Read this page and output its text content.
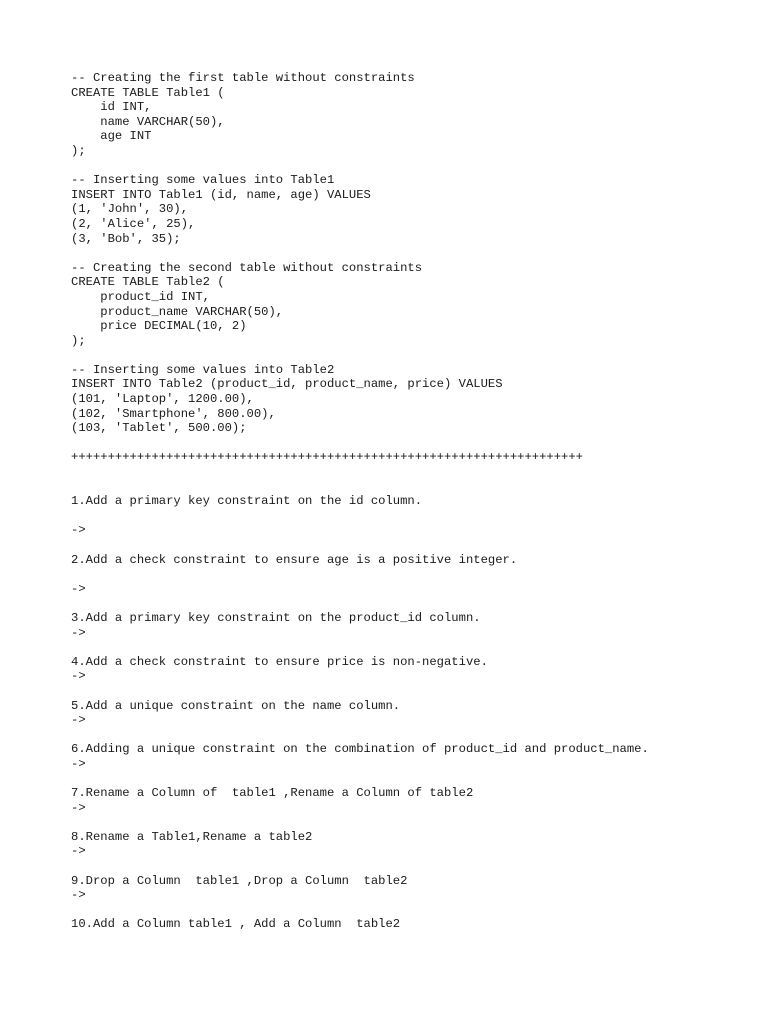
-- Creating the first table without constraints
CREATE TABLE Table1 (
id INT,
name VARCHAR(50),
age INT
);
-- Inserting some values into Table1
INSERT INTO Table1 (id, name, age) VALUES
(1, 'John', 30),
(2, 'Alice', 25),
(3, 'Bob', 35);
-- Creating the second table without constraints
CREATE TABLE Table2 (
product_id INT,
product_name VARCHAR(50),
price DECIMAL(10, 2)
);
-- Inserting some values into Table2
INSERT INTO Table2 (product_id, product_name, price) VALUES
(101, 'Laptop', 1200.00),
(102, 'Smartphone', 800.00),
(103, 'Tablet', 500.00);
++++++++++++++++++++++++++++++++++++++++++++++++++++++++++++++++++++++
1.Add a primary key constraint on the id column.
->
2.Add a check constraint to ensure age is a positive integer.
->
3.Add a primary key constraint on the product_id column.
->
4.Add a check constraint to ensure price is non-negative.
->
5.Add a unique constraint on the name column.
->
6.Adding a unique constraint on the combination of product_id and product_name.
->
7.Rename a Column of  table1 ,Rename a Column of table2
->
8.Rename a Table1,Rename a table2
->
9.Drop a Column  table1 ,Drop a Column  table2
->
10.Add a Column table1 , Add a Column  table2
